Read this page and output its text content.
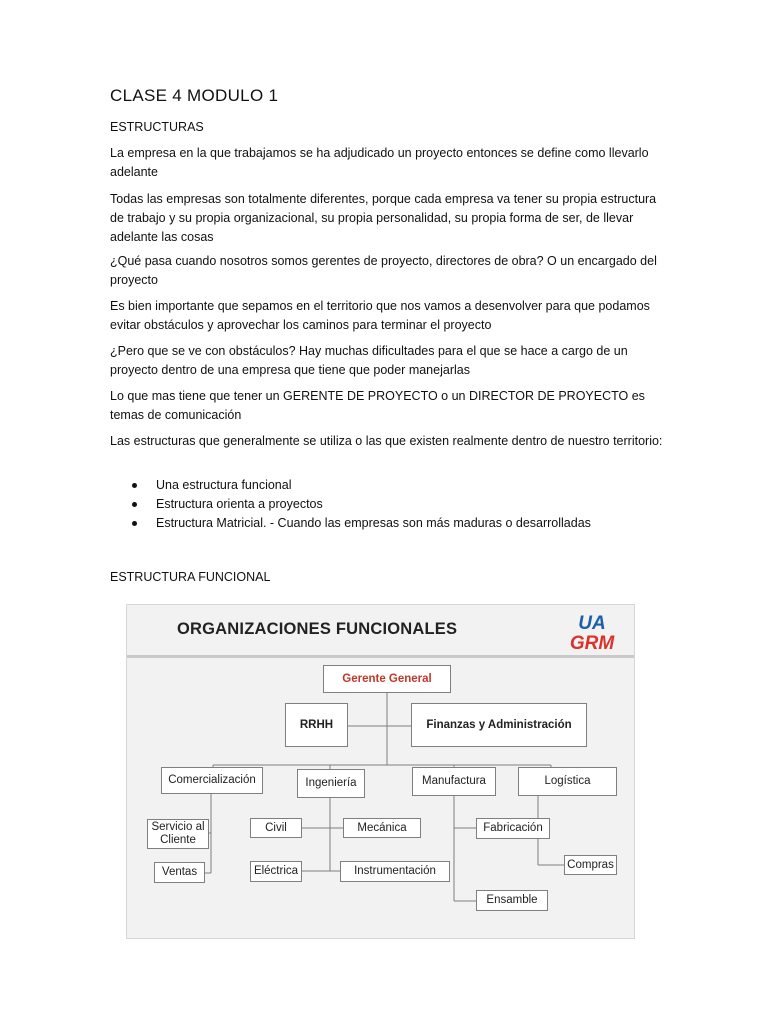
CLASE 4 MODULO 1
ESTRUCTURAS

La empresa en la que trabajamos se ha adjudicado un proyecto entonces se define como llevarlo adelante

Todas las empresas son totalmente diferentes, porque cada empresa va tener su propia estructura de trabajo y su propia organizacional, su propia personalidad, su propia forma de ser, de llevar adelante las cosas

¿Qué pasa cuando nosotros somos gerentes de proyecto, directores de obra? O un encargado del proyecto

Es bien importante que sepamos en el territorio que nos vamos a desenvolver para que podamos evitar obstáculos y aprovechar los caminos para terminar el proyecto

¿Pero que se ve con obstáculos? Hay muchas dificultades para el que se hace a cargo de un proyecto dentro de una empresa que tiene que poder manejarlas

Lo que mas tiene que tener un GERENTE DE PROYECTO o un DIRECTOR DE PROYECTO es temas de comunicación

Las estructuras que generalmente se utiliza o las que existen realmente dentro de nuestro territorio:

Una estructura funcional
Estructura orienta a proyectos
Estructura Matricial. - Cuando las empresas son más maduras o desarrolladas
ESTRUCTURA FUNCIONAL
ORGANIZACIONES FUNCIONALES	UA
GRM
Gerente General
RRHH	Finanzas y Administración
Comercialización	Ingeniería	Manufactura	Logística
Servicio al Cliente
Ventas
Civil	Mecánica
Eléctrica	Instrumentación
Fabricación
Compras
Ensamble
